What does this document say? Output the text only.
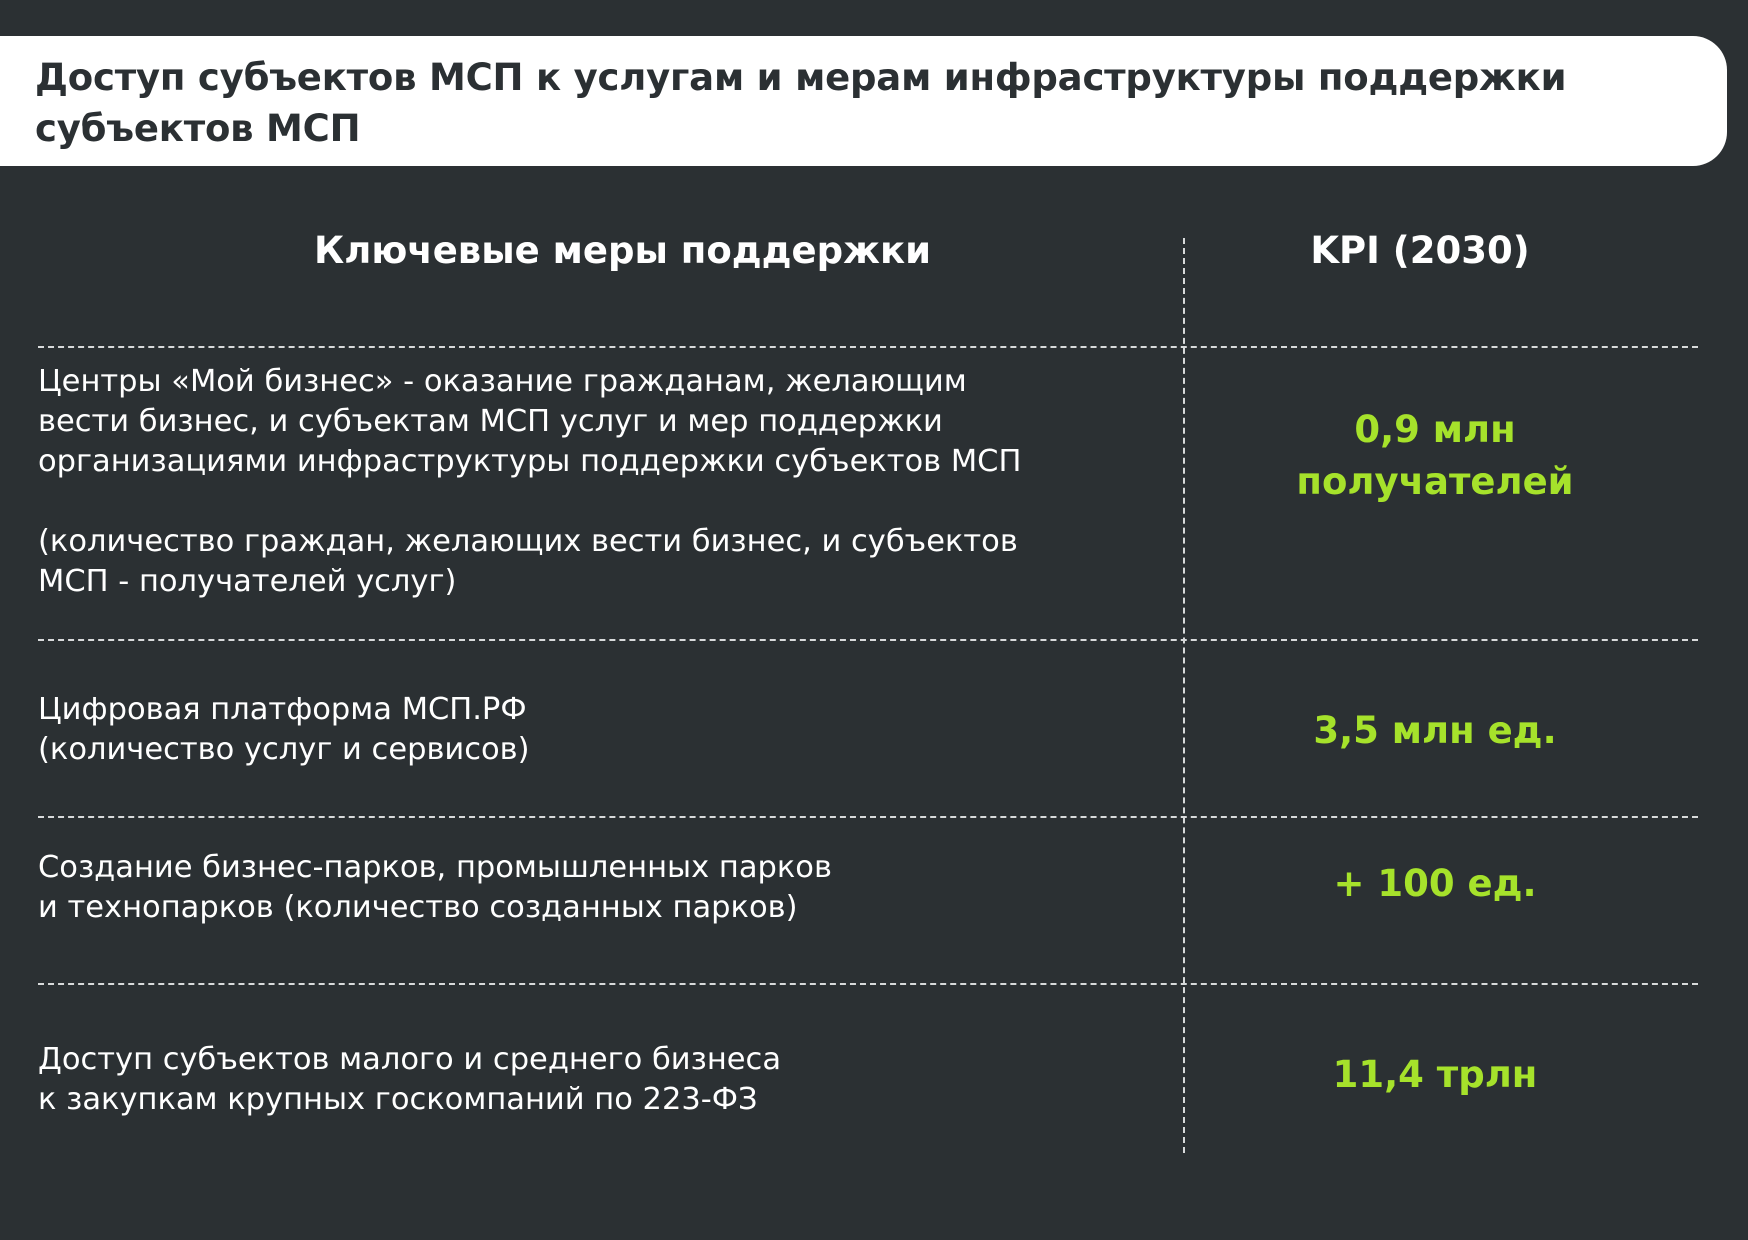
Доступ субъектов МСП к услугам и мерам инфраструктуры поддержки субъектов МСП
Ключевые меры поддержки	KPI (2030)

Центры «Мой бизнес» - оказание гражданам, желающим
вести бизнес, и субъектам МСП услуг и мер поддержки
организациями инфраструктуры поддержки субъектов МСП

(количество граждан, желающих вести бизнес, и субъектов
МСП - получателей услуг)

0,9 млн
получателей

Цифровая платформа МСП.РФ
(количество услуг и сервисов)	3,5 млн ед.

Создание бизнес-парков, промышленных парков
и технопарков (количество созданных парков)

+ 100 ед.

Доступ субъектов малого и среднего бизнеса
к закупкам крупных госкомпаний по 223-ФЗ

11,4 трлн
